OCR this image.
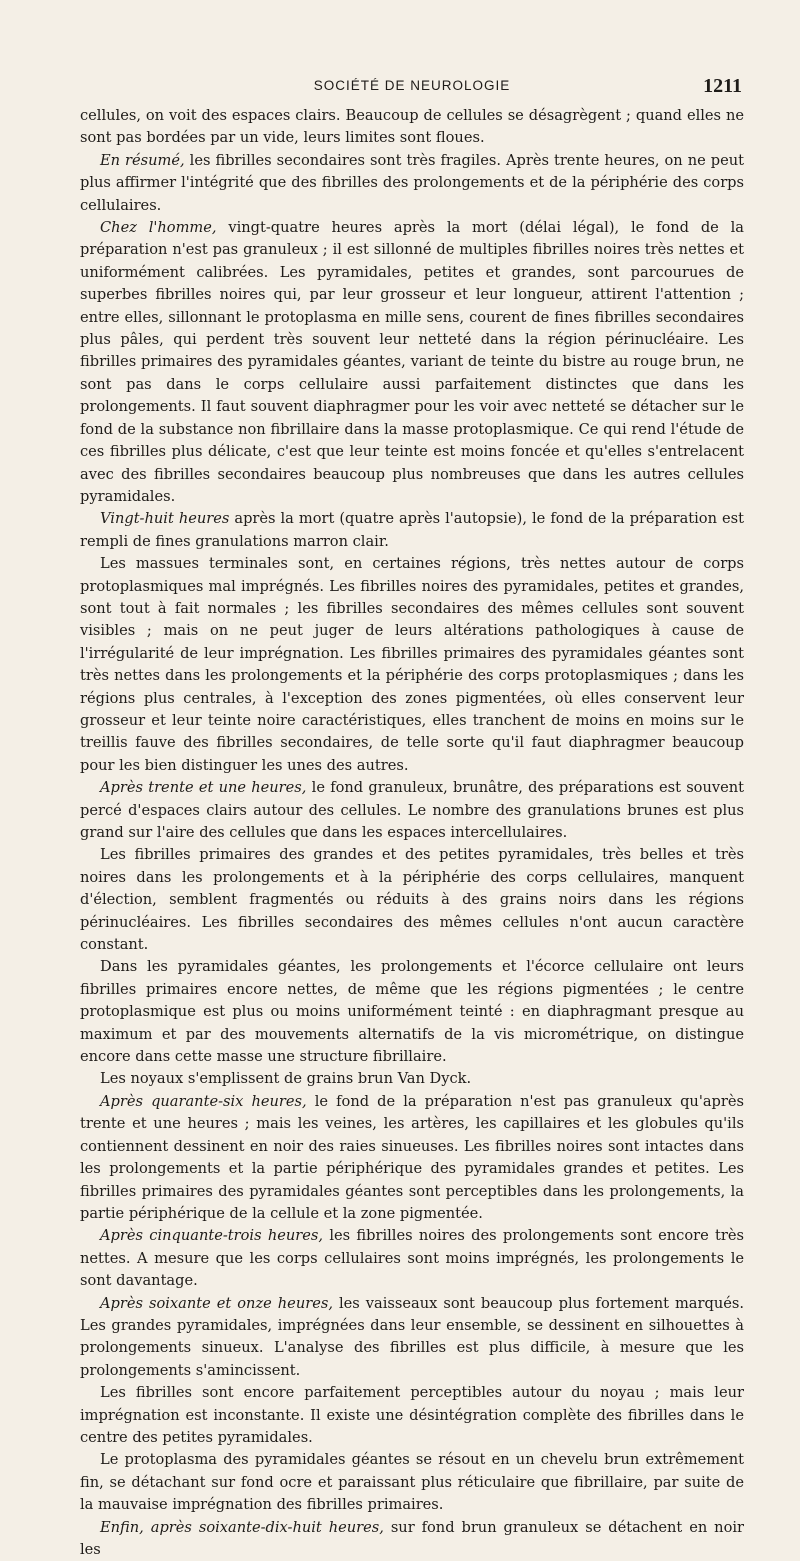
SOCIÉTÉ DE NEUROLOGIE	1211

cellules, on voit des espaces clairs. Beaucoup de cellules se désagrègent ; quand elles ne sont pas bordées par un vide, leurs limites sont floues.

En résumé, les fibrilles secondaires sont très fragiles. Après trente heures, on ne peut plus affirmer l'intégrité que des fibrilles des prolongements et de la périphérie des corps cellulaires.

Chez l'homme, vingt-quatre heures après la mort (délai légal), le fond de la préparation n'est pas granuleux ; il est sillonné de multiples fibrilles noires très nettes et uniformément calibrées. Les pyramidales, petites et grandes, sont parcourues de superbes fibrilles noires qui, par leur grosseur et leur longueur, attirent l'attention ; entre elles, sillonnant le protoplasma en mille sens, courent de fines fibrilles secondaires plus pâles, qui perdent très souvent leur netteté dans la région périnucléaire. Les fibrilles primaires des pyramidales géantes, variant de teinte du bistre au rouge brun, ne sont pas dans le corps cellulaire aussi parfaitement distinctes que dans les prolongements. Il faut souvent diaphragmer pour les voir avec netteté se détacher sur le fond de la substance non fibrillaire dans la masse protoplasmique. Ce qui rend l'étude de ces fibrilles plus délicate, c'est que leur teinte est moins foncée et qu'elles s'entrelacent avec des fibrilles secondaires beaucoup plus nombreuses que dans les autres cellules pyramidales.

Vingt-huit heures après la mort (quatre après l'autopsie), le fond de la préparation est rempli de fines granulations marron clair.

Les massues terminales sont, en certaines régions, très nettes autour de corps protoplasmiques mal imprégnés. Les fibrilles noires des pyramidales, petites et grandes, sont tout à fait normales ; les fibrilles secondaires des mêmes cellules sont souvent visibles ; mais on ne peut juger de leurs altérations pathologiques à cause de l'irrégularité de leur imprégnation. Les fibrilles primaires des pyramidales géantes sont très nettes dans les prolongements et la périphérie des corps protoplasmiques ; dans les régions plus centrales, à l'exception des zones pigmentées, où elles conservent leur grosseur et leur teinte noire caractéristiques, elles tranchent de moins en moins sur le treillis fauve des fibrilles secondaires, de telle sorte qu'il faut diaphragmer beaucoup pour les bien distinguer les unes des autres.

Après trente et une heures, le fond granuleux, brunâtre, des préparations est souvent percé d'espaces clairs autour des cellules. Le nombre des granulations brunes est plus grand sur l'aire des cellules que dans les espaces intercellulaires.

Les fibrilles primaires des grandes et des petites pyramidales, très belles et très noires dans les prolongements et à la périphérie des corps cellulaires, manquent d'élection, semblent fragmentés ou réduits à des grains noirs dans les régions périnucléaires. Les fibrilles secondaires des mêmes cellules n'ont aucun caractère constant.

Dans les pyramidales géantes, les prolongements et l'écorce cellulaire ont leurs fibrilles primaires encore nettes, de même que les régions pigmentées ; le centre protoplasmique est plus ou moins uniformément teinté : en diaphragmant presque au maximum et par des mouvements alternatifs de la vis micrométrique, on distingue encore dans cette masse une structure fibrillaire.

Les noyaux s'emplissent de grains brun Van Dyck.

Après quarante-six heures, le fond de la préparation n'est pas granuleux qu'après trente et une heures ; mais les veines, les artères, les capillaires et les globules qu'ils contiennent dessinent en noir des raies sinueuses. Les fibrilles noires sont intactes dans les prolongements et la partie périphérique des pyramidales grandes et petites. Les fibrilles primaires des pyramidales géantes sont perceptibles dans les prolongements, la partie périphérique de la cellule et la zone pigmentée.

Après cinquante-trois heures, les fibrilles noires des prolongements sont encore très nettes. A mesure que les corps cellulaires sont moins imprégnés, les prolongements le sont davantage.

Après soixante et onze heures, les vaisseaux sont beaucoup plus fortement marqués. Les grandes pyramidales, imprégnées dans leur ensemble, se dessinent en silhouettes à prolongements sinueux. L'analyse des fibrilles est plus difficile, à mesure que les prolongements s'amincissent.

Les fibrilles sont encore parfaitement perceptibles autour du noyau ; mais leur imprégnation est inconstante. Il existe une désintégration complète des fibrilles dans le centre des petites pyramidales.

Le protoplasma des pyramidales géantes se résout en un chevelu brun extrêmement fin, se détachant sur fond ocre et paraissant plus réticulaire que fibrillaire, par suite de la mauvaise imprégnation des fibrilles primaires.

Enfin, après soixante-dix-huit heures, sur fond brun granuleux se détachent en noir les
